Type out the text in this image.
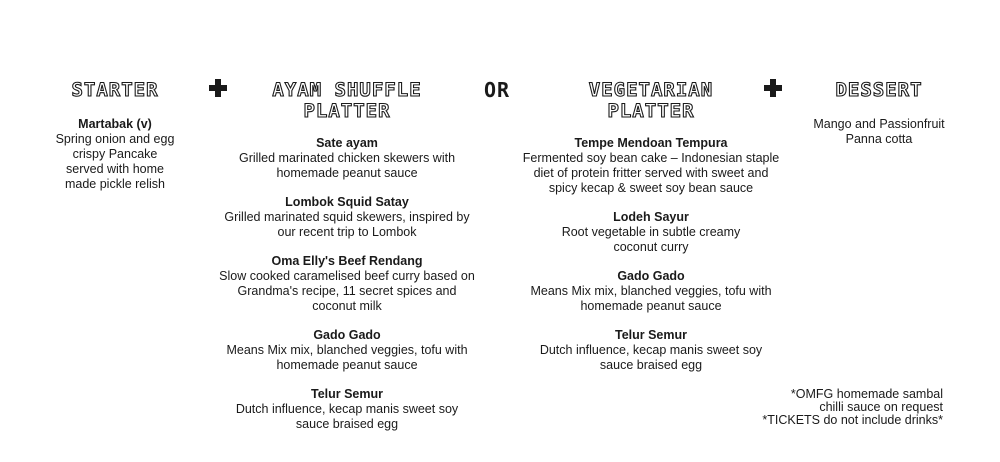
STARTER
Martabak (v)
Spring onion and egg crispy Pancake served with home made pickle relish
AYAM SHUFFLE
PLATTER
Sate ayam
Grilled marinated chicken skewers with homemade peanut sauce
Lombok Squid Satay
Grilled marinated squid skewers, inspired by our recent trip to Lombok
Oma Elly's Beef Rendang
Slow cooked caramelised beef curry based on Grandma's recipe, 11 secret spices and coconut milk
Gado Gado
Means Mix mix, blanched veggies, tofu with homemade peanut sauce
Telur Semur
Dutch influence, kecap manis sweet soy sauce braised egg
OR	VEGETARIAN
PLATTER
Tempe Mendoan Tempura
Fermented soy bean cake – Indonesian staple diet of protein fritter served with sweet and spicy kecap & sweet soy bean sauce
Lodeh Sayur
Root vegetable in subtle creamy coconut curry
Gado Gado
Means Mix mix, blanched veggies, tofu with homemade peanut sauce
Telur Semur
Dutch influence, kecap manis sweet soy sauce braised egg
DESSERT
Mango and Passionfruit Panna cotta
*OMFG homemade sambal
chilli sauce on request
*TICKETS do not include drinks*
